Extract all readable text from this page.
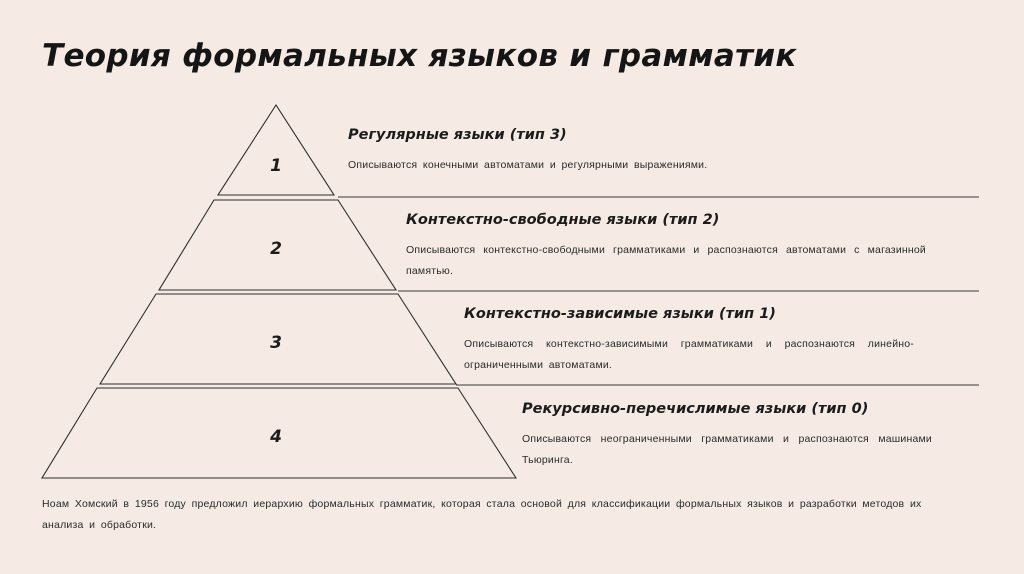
Теория формальных языков и грамматик
1
2
3
4
Регулярные языки (тип 3)

Описываются конечными автоматами и регулярными выражениями.

Контекстно-свободные языки (тип 2)

Описываются контекстно-свободными грамматиками и распознаются автоматами с магазинной памятью.

Контекстно-зависимые языки (тип 1)

Описываются контекстно-зависимыми грамматиками и распознаются линейно-ограниченными автоматами.

Рекурсивно-перечислимые языки (тип 0)

Описываются неограниченными грамматиками и распознаются машинами Тьюринга.

Ноам Хомский в 1956 году предложил иерархию формальных грамматик, которая стала основой для классификации формальных языков и разработки методов их анализа и обработки.
